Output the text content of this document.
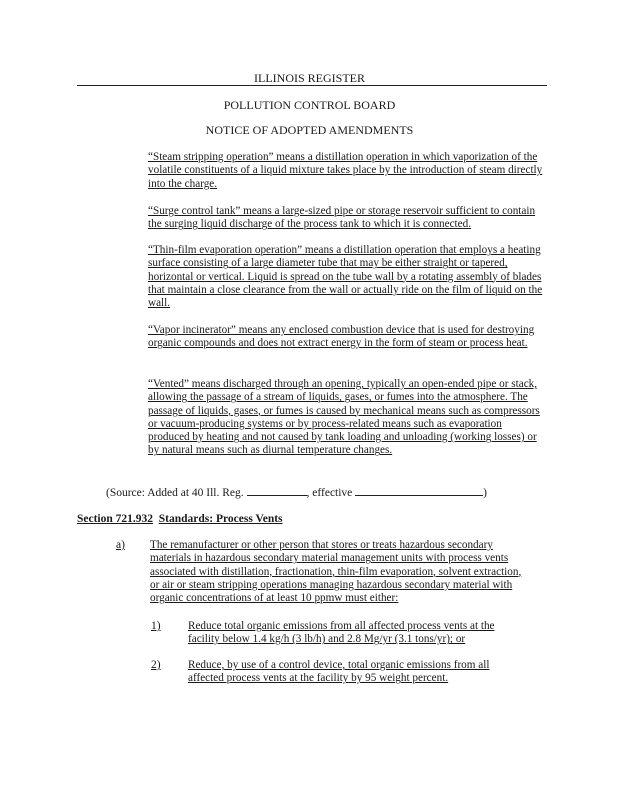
ILLINOIS REGISTER
POLLUTION CONTROL BOARD
NOTICE OF ADOPTED AMENDMENTS
“Steam stripping operation” means a distillation operation in which vaporization of the volatile constituents of a liquid mixture takes place by the introduction of steam directly into the charge.
“Surge control tank” means a large-sized pipe or storage reservoir sufficient to contain the surging liquid discharge of the process tank to which it is connected.
“Thin-film evaporation operation” means a distillation operation that employs a heating surface consisting of a large diameter tube that may be either straight or tapered, horizontal or vertical. Liquid is spread on the tube wall by a rotating assembly of blades that maintain a close clearance from the wall or actually ride on the film of liquid on the wall.
“Vapor incinerator” means any enclosed combustion device that is used for destroying organic compounds and does not extract energy in the form of steam or process heat.
“Vented” means discharged through an opening, typically an open-ended pipe or stack, allowing the passage of a stream of liquids, gases, or fumes into the atmosphere. The passage of liquids, gases, or fumes is caused by mechanical means such as compressors or vacuum-producing systems or by process-related means such as evaporation produced by heating and not caused by tank loading and unloading (working losses) or by natural means such as diurnal temperature changes.
(Source: Added at 40 Ill. Reg.	, effective	)
Section 721.932 Standards: Process Vents
a) The remanufacturer or other person that stores or treats hazardous secondary materials in hazardous secondary material management units with process vents associated with distillation, fractionation, thin-film evaporation, solvent extraction, or air or steam stripping operations managing hazardous secondary material with organic concentrations of at least 10 ppmw must either:
1) Reduce total organic emissions from all affected process vents at the facility below 1.4 kg/h (3 lb/h) and 2.8 Mg/yr (3.1 tons/yr); or
2) Reduce, by use of a control device, total organic emissions from all affected process vents at the facility by 95 weight percent.
